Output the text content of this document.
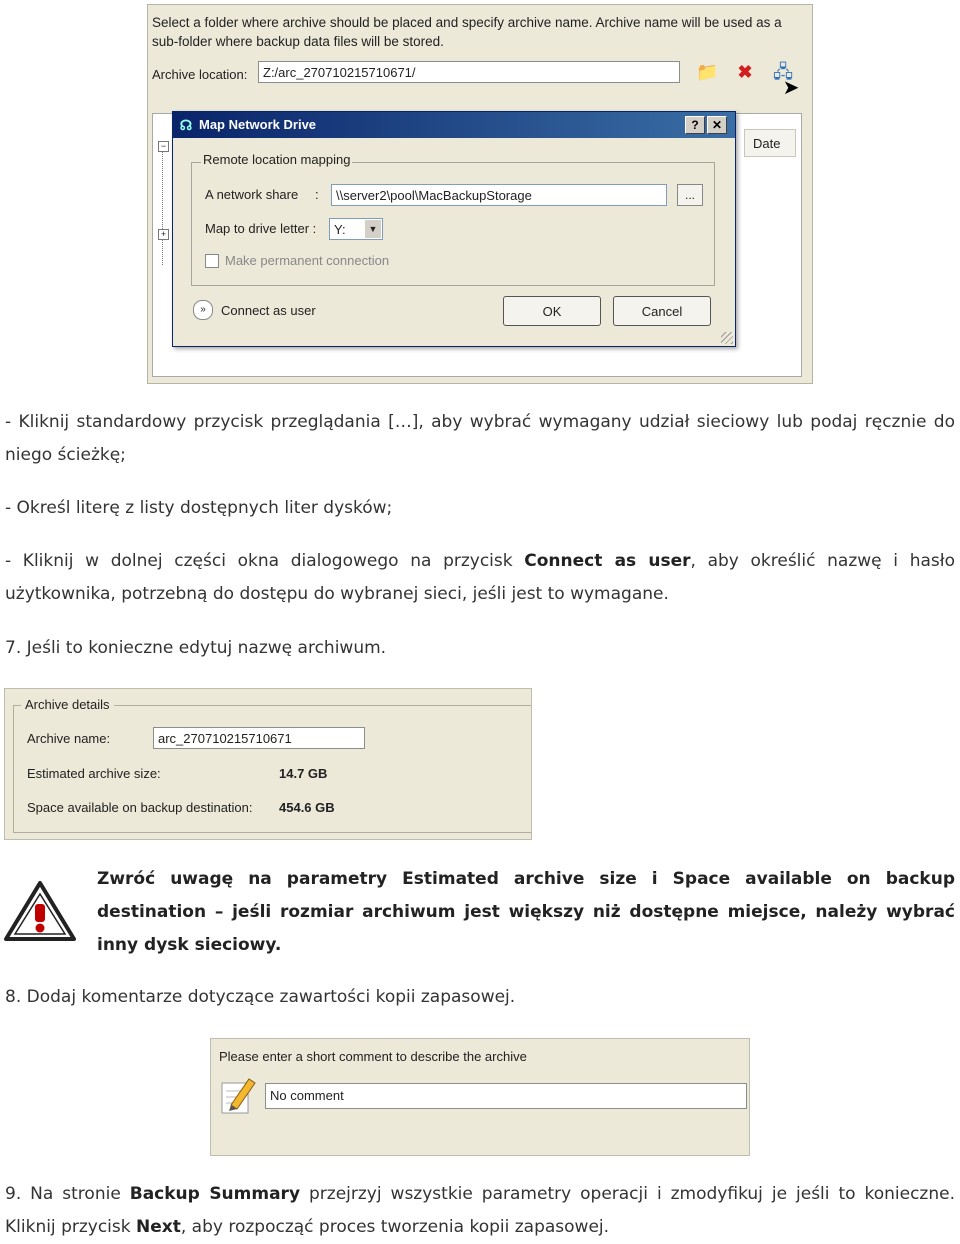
Select a folder where archive should be placed and specify archive name. Archive name will be used as a sub-folder where backup data files will be stored.
Archive location:	Z:/arc_270710215710671/	📁 ✖ 🖧
➤
−
+
Date
☊ Map Network Drive	?	✕
Remote location mapping
A network share :	\\server2\pool\MacBackupStorage	...
Map to drive letter :	Y:	▼
Make permanent connection
»	Connect as user	OK	Cancel

- Kliknij standardowy przycisk przeglądania […], aby wybrać wymagany udział sieciowy lub podaj ręcznie do niego ścieżkę;

- Określ literę z listy dostępnych liter dysków;

- Kliknij w dolnej części okna dialogowego na przycisk Connect as user, aby określić nazwę i hasło użytkownika, potrzebną do dostępu do wybranej sieci, jeśli jest to wymagane.

7. Jeśli to konieczne edytuj nazwę archiwum.

Archive details
Archive name:	arc_270710215710671
Estimated archive size:	14.7 GB
Space available on backup destination: 454.6 GB

Zwróć uwagę na parametry Estimated archive size i Space available on backup destination – jeśli rozmiar archiwum jest większy niż dostępne miejsce, należy wybrać inny dysk sieciowy.

8. Dodaj komentarze dotyczące zawartości kopii zapasowej.

Please enter a short comment to describe the archive
No comment

9. Na stronie Backup Summary przejrzyj wszystkie parametry operacji i zmodyfikuj je jeśli to konieczne. Kliknij przycisk Next, aby rozpocząć proces tworzenia kopii zapasowej.
